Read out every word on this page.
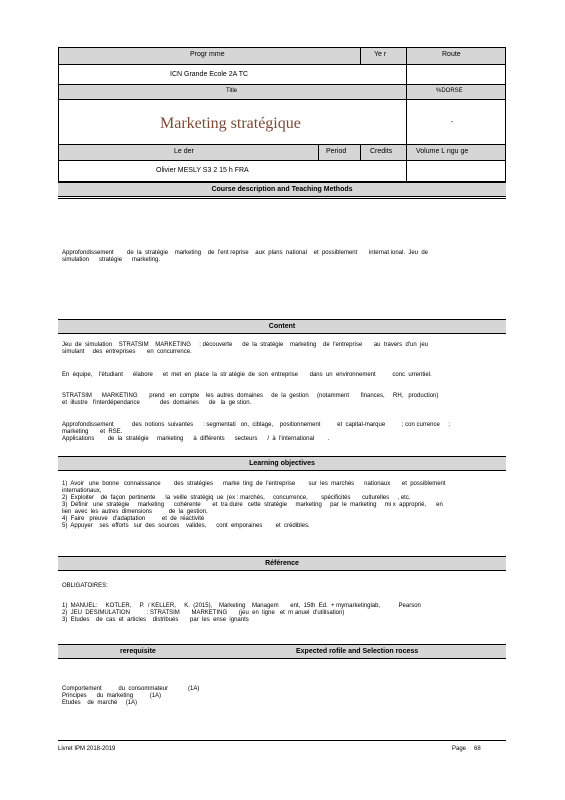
Progr mme	Ye r	Route
ICN Grande Ecole 2A TC
Title	%DORSE
Marketing stratégique	-
Le der	Period	Credits	Volume L ngu ge
Olivier MESLY S3 2 15 h FRA
Course description and Teaching Methods
Approfondissement        de  la  stratégie    marketing    de  l'ent reprise    aux  plans  national    et  possiblement       internat ional.  Jeu  de
simulation      stratégie      marketing.
Content
Jeu  de  simulation    STRATSIM    MARKETING     : découverte      de  la  stratégie    marketing    de  l'entreprise       au  travers  d'un  jeu
simulant     des  entreprises       en  concurrence.
En  équipe,    l'étudiant      élabore      et  met  en  place  la  str atégie  de  son  entreprise       dans  un  environnement          conc  urrentiel.
STRATSIM      MARKETING       prend   en  compte    les  autres  domaines     de  la  gestion     (notamment       finances,     RH,   production)
et  illustre   l'interdépendance            des  domaines      de   la  ge stion.
Approfondissement           des  notions  suivantes      : segmentati   on,  ciblage,    positionnement          et  capital-marque          ; con currence     ;
marketing       et  RSE.
Applications        de  la  stratégie     marketing      à  différents      secteurs      /  à  l'international        .
Learning objectives
1)  Avoir   une  bonne   connaissance        des  stratégies      marke  ting  de  l'entreprise        sur  les  marchés      nationaux       et  possiblement
internationaux,
2)  Exploiter    de  façon  pertinente      la  veille  stratégiq  ue  (ex : marchés,     concurrence,        spécificités       culturelles     , etc.
3)  Définir   une  stratégie     marketing      cohérente       et  tra duire   cette  stratégie     marketing     par  le  marketing     mi x  approprié,      en
lien  avec  les  autres  dimensions          de  la  gestion.
4)  Faire   preuve   d'adaptation          et  de  réactivité
5)  Appuyer    ses  efforts   sur  des  sources    valides,      cont  emporaines        et  crédibles.
Référence
OBLIGATOIRES:
1)  MANUEL:     KOTLER,     P.  / KELLER,     K.  (2015),    Marketing    Managem       ent,  15th  Ed.  + mymarketinglab,           Pearson
2)  JEU  DESIMULATION          : STRATSIM       MARKETING       (jeu  en  ligne   et  m anuel  d'utilisation)
3)  Etudes    de  cas  et  articles    distribués       par  les  ense  ignants
rerequisite	Expected rofile and Selection rocess
Comportement          du  consommateur            (1A)
Principes      du  marketing          (1A)
Etudes    de  marché     (1A)
Livret IPM 2018-2019	Page 68
